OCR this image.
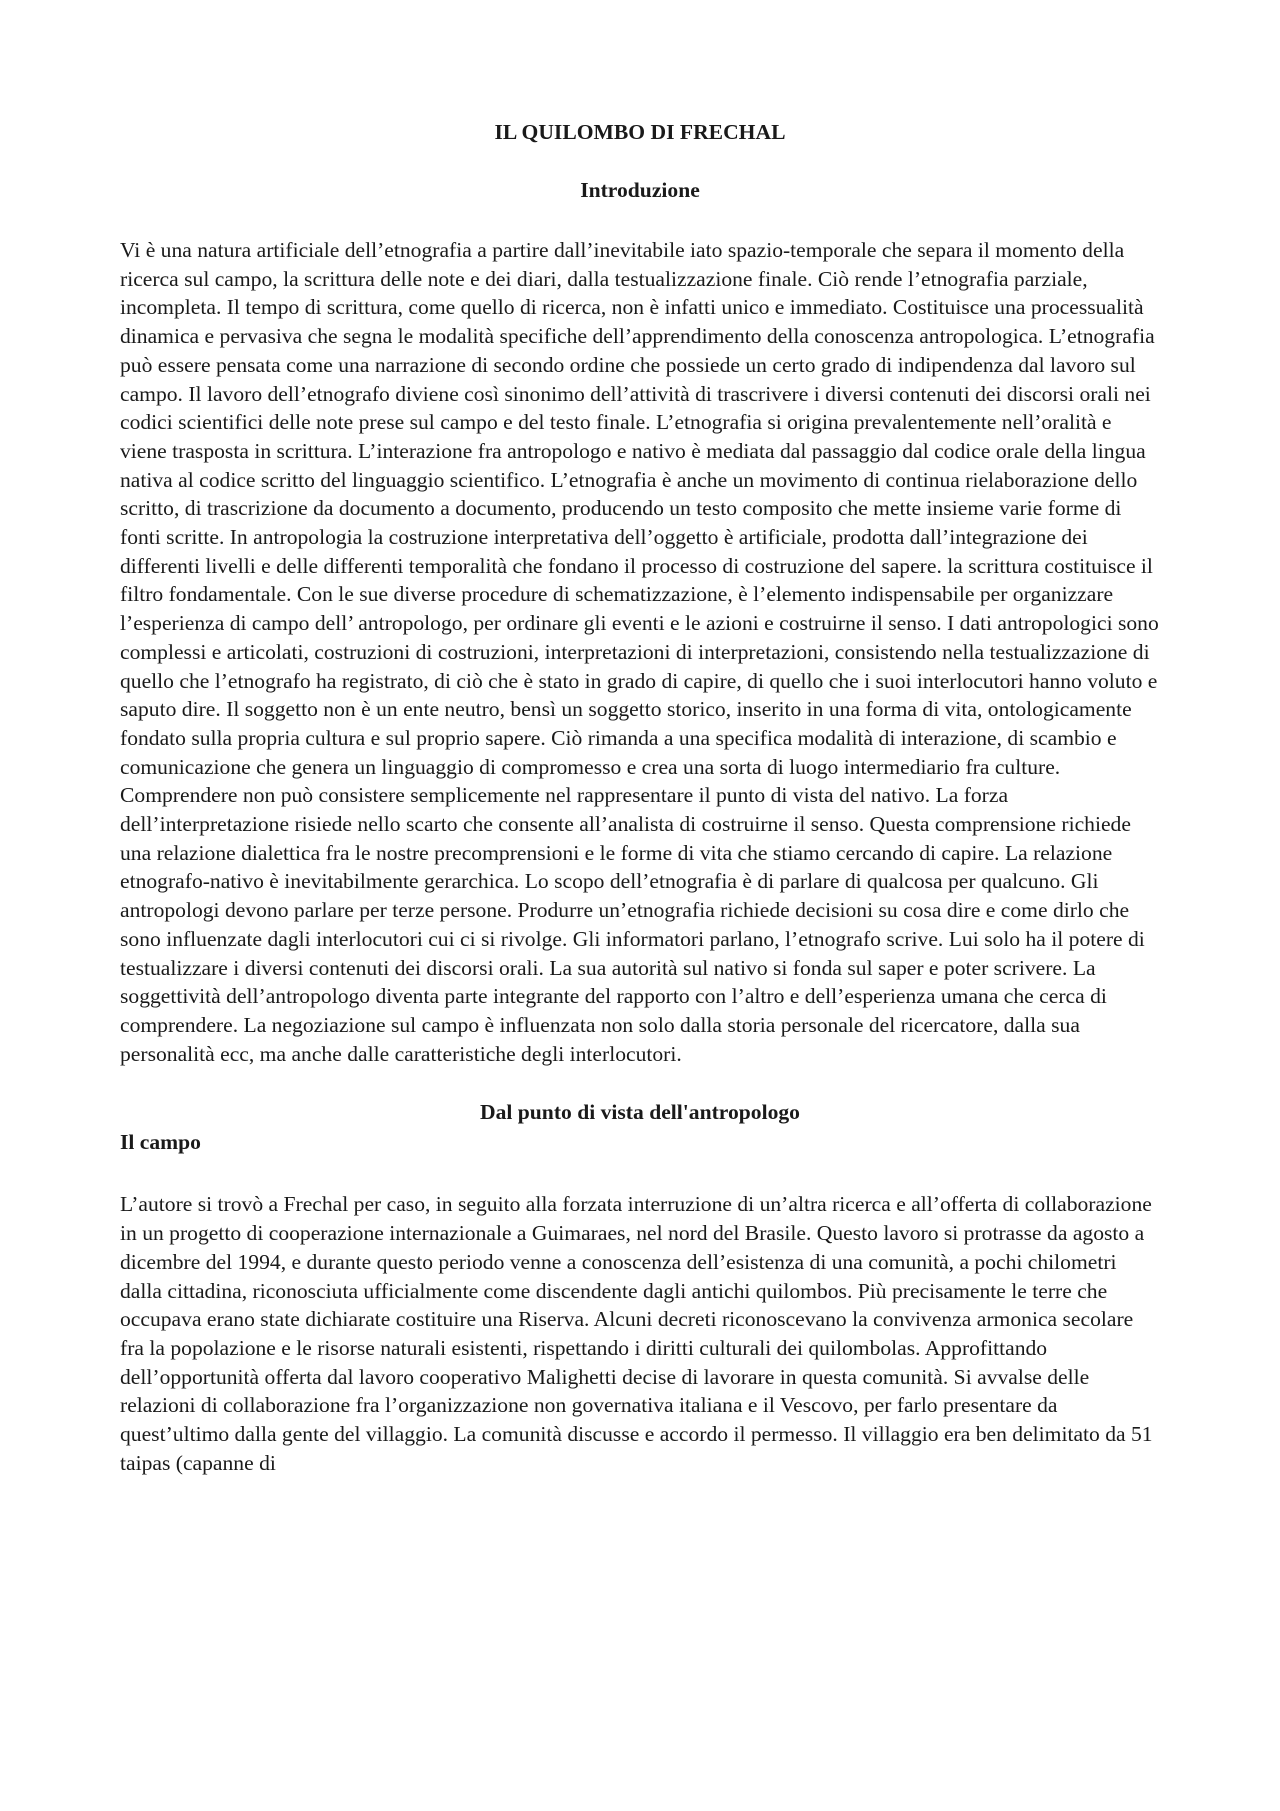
IL QUILOMBO DI FRECHAL
Introduzione

Vi è una natura artificiale dell’etnografia a partire dall’inevitabile iato spazio-temporale che separa il momento della ricerca sul campo, la scrittura delle note e dei diari, dalla testualizzazione finale. Ciò rende l’etnografia parziale, incompleta. Il tempo di scrittura, come quello di ricerca, non è infatti unico e immediato. Costituisce una processualità dinamica e pervasiva che segna le modalità specifiche dell’apprendimento della conoscenza antropologica. L’etnografia può essere pensata come una narrazione di secondo ordine che possiede un certo grado di indipendenza dal lavoro sul campo. Il lavoro dell’etnografo diviene così sinonimo dell’attività di trascrivere i diversi contenuti dei discorsi orali nei codici scientifici delle note prese sul campo e del testo finale. L’etnografia si origina prevalentemente nell’oralità e viene trasposta in scrittura. L’interazione fra antropologo e nativo è mediata dal passaggio dal codice orale della lingua nativa al codice scritto del linguaggio scientifico. L’etnografia è anche un movimento di continua rielaborazione dello scritto, di trascrizione da documento a documento, producendo un testo composito che mette insieme varie forme di fonti scritte. In antropologia la costruzione interpretativa dell’oggetto è artificiale, prodotta dall’integrazione dei differenti livelli e delle differenti temporalità che fondano il processo di costruzione del sapere. la scrittura costituisce il filtro fondamentale. Con le sue diverse procedure di schematizzazione, è l’elemento indispensabile per organizzare l’esperienza di campo dell’ antropologo, per ordinare gli eventi e le azioni e costruirne il senso. I dati antropologici sono complessi e articolati, costruzioni di costruzioni, interpretazioni di interpretazioni, consistendo nella testualizzazione di quello che l’etnografo ha registrato, di ciò che è stato in grado di capire, di quello che i suoi interlocutori hanno voluto e saputo dire. Il soggetto non è un ente neutro, bensì un soggetto storico, inserito in una forma di vita, ontologicamente fondato sulla propria cultura e sul proprio sapere. Ciò rimanda a una specifica modalità di interazione, di scambio e comunicazione che genera un linguaggio di compromesso e crea una sorta di luogo intermediario fra culture. Comprendere non può consistere semplicemente nel rappresentare il punto di vista del nativo. La forza dell’interpretazione risiede nello scarto che consente all’analista di costruirne il senso. Questa comprensione richiede una relazione dialettica fra le nostre precomprensioni e le forme di vita che stiamo cercando di capire. La relazione etnografo-nativo è inevitabilmente gerarchica. Lo scopo dell’etnografia è di parlare di qualcosa per qualcuno. Gli antropologi devono parlare per terze persone. Produrre un’etnografia richiede decisioni su cosa dire e come dirlo che sono influenzate dagli interlocutori cui ci si rivolge. Gli informatori parlano, l’etnografo scrive. Lui solo ha il potere di testualizzare i diversi contenuti dei discorsi orali. La sua autorità sul nativo si fonda sul saper e poter scrivere. La soggettività dell’antropologo diventa parte integrante del rapporto con l’altro e dell’esperienza umana che cerca di comprendere. La negoziazione sul campo è influenzata non solo dalla storia personale del ricercatore, dalla sua personalità ecc, ma anche dalle caratteristiche degli interlocutori.

Dal punto di vista dell'antropologo
Il campo

L’autore si trovò a Frechal per caso, in seguito alla forzata interruzione di un’altra ricerca e all’offerta di collaborazione in un progetto di cooperazione internazionale a Guimaraes, nel nord del Brasile. Questo lavoro si protrasse da agosto a dicembre del 1994, e durante questo periodo venne a conoscenza dell’esistenza di una comunità, a pochi chilometri dalla cittadina, riconosciuta ufficialmente come discendente dagli antichi quilombos. Più precisamente le terre che occupava erano state dichiarate costituire una Riserva. Alcuni decreti riconoscevano la convivenza armonica secolare fra la popolazione e le risorse naturali esistenti, rispettando i diritti culturali dei quilombolas. Approfittando dell’opportunità offerta dal lavoro cooperativo Malighetti decise di lavorare in questa comunità. Si avvalse delle relazioni di collaborazione fra l’organizzazione non governativa italiana e il Vescovo, per farlo presentare da quest’ultimo dalla gente del villaggio. La comunità discusse e accordo il permesso. Il villaggio era ben delimitato da 51 taipas (capanne di
